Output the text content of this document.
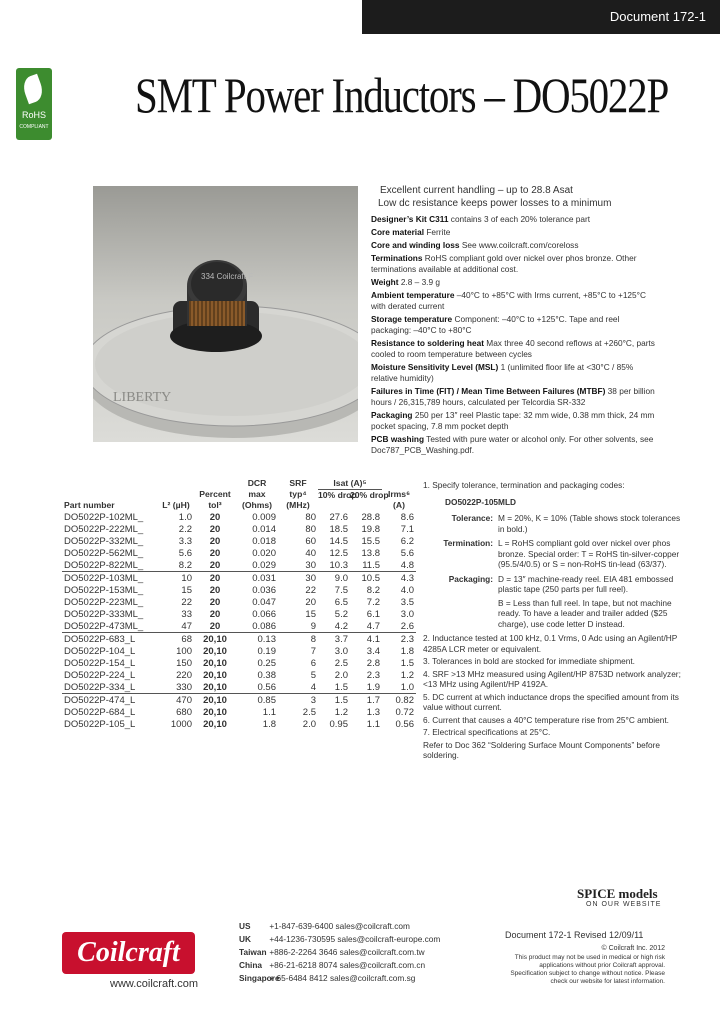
Document 172-1
RoHS
COMPLIANT
SMT Power Inductors – DO5022P
LIBERTY
334 Coilcraft F
Excellent current handling – up to 28.8 Asat
Low dc resistance keeps power losses to a minimum

Designer’s Kit C311 contains 3 of each 20% tolerance part

Core material Ferrite

Core and winding loss See www.coilcraft.com/coreloss

Terminations RoHS compliant gold over nickel over phos bronze. Other terminations available at additional cost.

Weight 2.8 – 3.9 g

Ambient temperature –40°C to +85°C with Irms current, +85°C to +125°C with derated current

Storage temperature Component: –40°C to +125°C. Tape and reel packaging: –40°C to +80°C

Resistance to soldering heat Max three 40 second reflows at +260°C, parts cooled to room temperature between cycles

Moisture Sensitivity Level (MSL) 1 (unlimited floor life at <30°C / 85% relative humidity)

Failures in Time (FIT) / Mean Time Between Failures (MTBF) 38 per billion hours / 26,315,789 hours, calculated per Telcordia SR-332

Packaging 250 per 13″ reel Plastic tape: 32 mm wide, 0.38 mm thick, 24 mm pocket spacing, 7.8 mm pocket depth

PCB washing Tested with pure water or alcohol only. For other solvents, see Doc787_PCB_Washing.pdf.

Part number	L² (µH)	Percent tol³	DCR max (Ohms)	SRF typ⁴ (MHz)	Isat (A)⁵
10% drop
20% drop		Irms⁶ (A)
DO5022P-102ML_	1.0	20	0.009	80	27.6	28.8	8.6
DO5022P-222ML_	2.2	20	0.014	80	18.5	19.8	7.1
DO5022P-332ML_	3.3	20	0.018	60	14.5	15.5	6.2
DO5022P-562ML_	5.6	20	0.020	40	12.5	13.8	5.6
DO5022P-822ML_	8.2	20	0.029	30	10.3	11.5	4.8
DO5022P-103ML_	10	20	0.031	30	9.0	10.5	4.3
DO5022P-153ML_	15	20	0.036	22	7.5	8.2	4.0
DO5022P-223ML_	22	20	0.047	20	6.5	7.2	3.5
DO5022P-333ML_	33	20	0.066	15	5.2	6.1	3.0
DO5022P-473ML_	47	20	0.086	9	4.2	4.7	2.6
DO5022P-683_L	68	20,10	0.13	8	3.7	4.1	2.3
DO5022P-104_L	100	20,10	0.19	7	3.0	3.4	1.8
DO5022P-154_L	150	20,10	0.25	6	2.5	2.8	1.5
DO5022P-224_L	220	20,10	0.38	5	2.0	2.3	1.2
DO5022P-334_L	330	20,10	0.56	4	1.5	1.9	1.0
DO5022P-474_L	470	20,10	0.85	3	1.5	1.7	0.82
DO5022P-684_L	680	20,10	1.1	2.5	1.2	1.3	0.72
DO5022P-105_L	1000	20,10	1.8	2.0	0.95	1.1	0.56
1. Specify tolerance, termination and packaging codes:
DO5022P-105MLD
Tolerance: M = 20%, K = 10% (Table shows stock tolerances in bold.)
Termination: L = RoHS compliant gold over nickel over phos bronze. Special order: T = RoHS tin-silver-copper (95.5/4/0.5) or S = non-RoHS tin-lead (63/37).
Packaging: D = 13″ machine-ready reel. EIA 481 embossed plastic tape (250 parts per full reel).
B = Less than full reel. In tape, but not machine ready. To have a leader and trailer added ($25 charge), use code letter D instead.
2. Inductance tested at 100 kHz, 0.1 Vrms, 0 Adc using an Agilent/HP 4285A LCR meter or equivalent.
3. Tolerances in bold are stocked for immediate shipment.
4. SRF >13 MHz measured using Agilent/HP 8753D network analyzer; <13 MHz using Agilent/HP 4192A.
5. DC current at which inductance drops the specified amount from its value without current.
6. Current that causes a 40°C temperature rise from 25°C ambient.
7. Electrical specifications at 25°C.
Refer to Doc 362 “Soldering Surface Mount Components” before soldering.
SPICE models
ON OUR WEBSITE
Coilcraft
www.coilcraft.com
US +1-847-639-6400 sales@coilcraft.com
UK +44-1236-730595 sales@coilcraft-europe.com
Taiwan +886-2-2264 3646 sales@coilcraft.com.tw
China +86-21-6218 8074 sales@coilcraft.com.cn
Singapore + 65-6484 8412 sales@coilcraft.com.sg
Document 172-1 Revised 12/09/11
© Coilcraft Inc. 2012
This product may not be used in medical or high risk applications without prior Coilcraft approval. Specification subject to change without notice. Please check our website for latest information.
